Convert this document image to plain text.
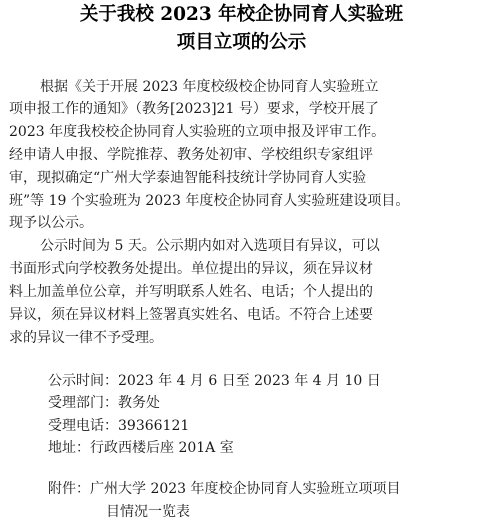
关于我校 2023 年校企协同育人实验班
项目立项的公示
根据《关于开展 2023 年度校级校企协同育人实验班立
项申报工作的通知》（教务[2023]21 号）要求，学校开展了
2023 年度我校校企协同育人实验班的立项申报及评审工作。
经申请人申报、学院推荐、教务处初审、学校组织专家组评
审，现拟确定“广州大学泰迪智能科技统计学协同育人实验
班”等 19 个实验班为 2023 年度校企协同育人实验班建设项目。
现予以公示。
公示时间为 5 天。公示期内如对入选项目有异议，可以
书面形式向学校教务处提出。单位提出的异议，须在异议材
料上加盖单位公章，并写明联系人姓名、电话；个人提出的
异议，须在异议材料上签署真实姓名、电话。不符合上述要
求的异议一律不予受理。
公示时间：2023 年 4 月 6 日至 2023 年 4 月 10 日
受理部门：教务处
受理电话：39366121
地址：行政西楼后座 201A 室
附件：广州大学 2023 年度校企协同育人实验班立项项目
目情况一览表
